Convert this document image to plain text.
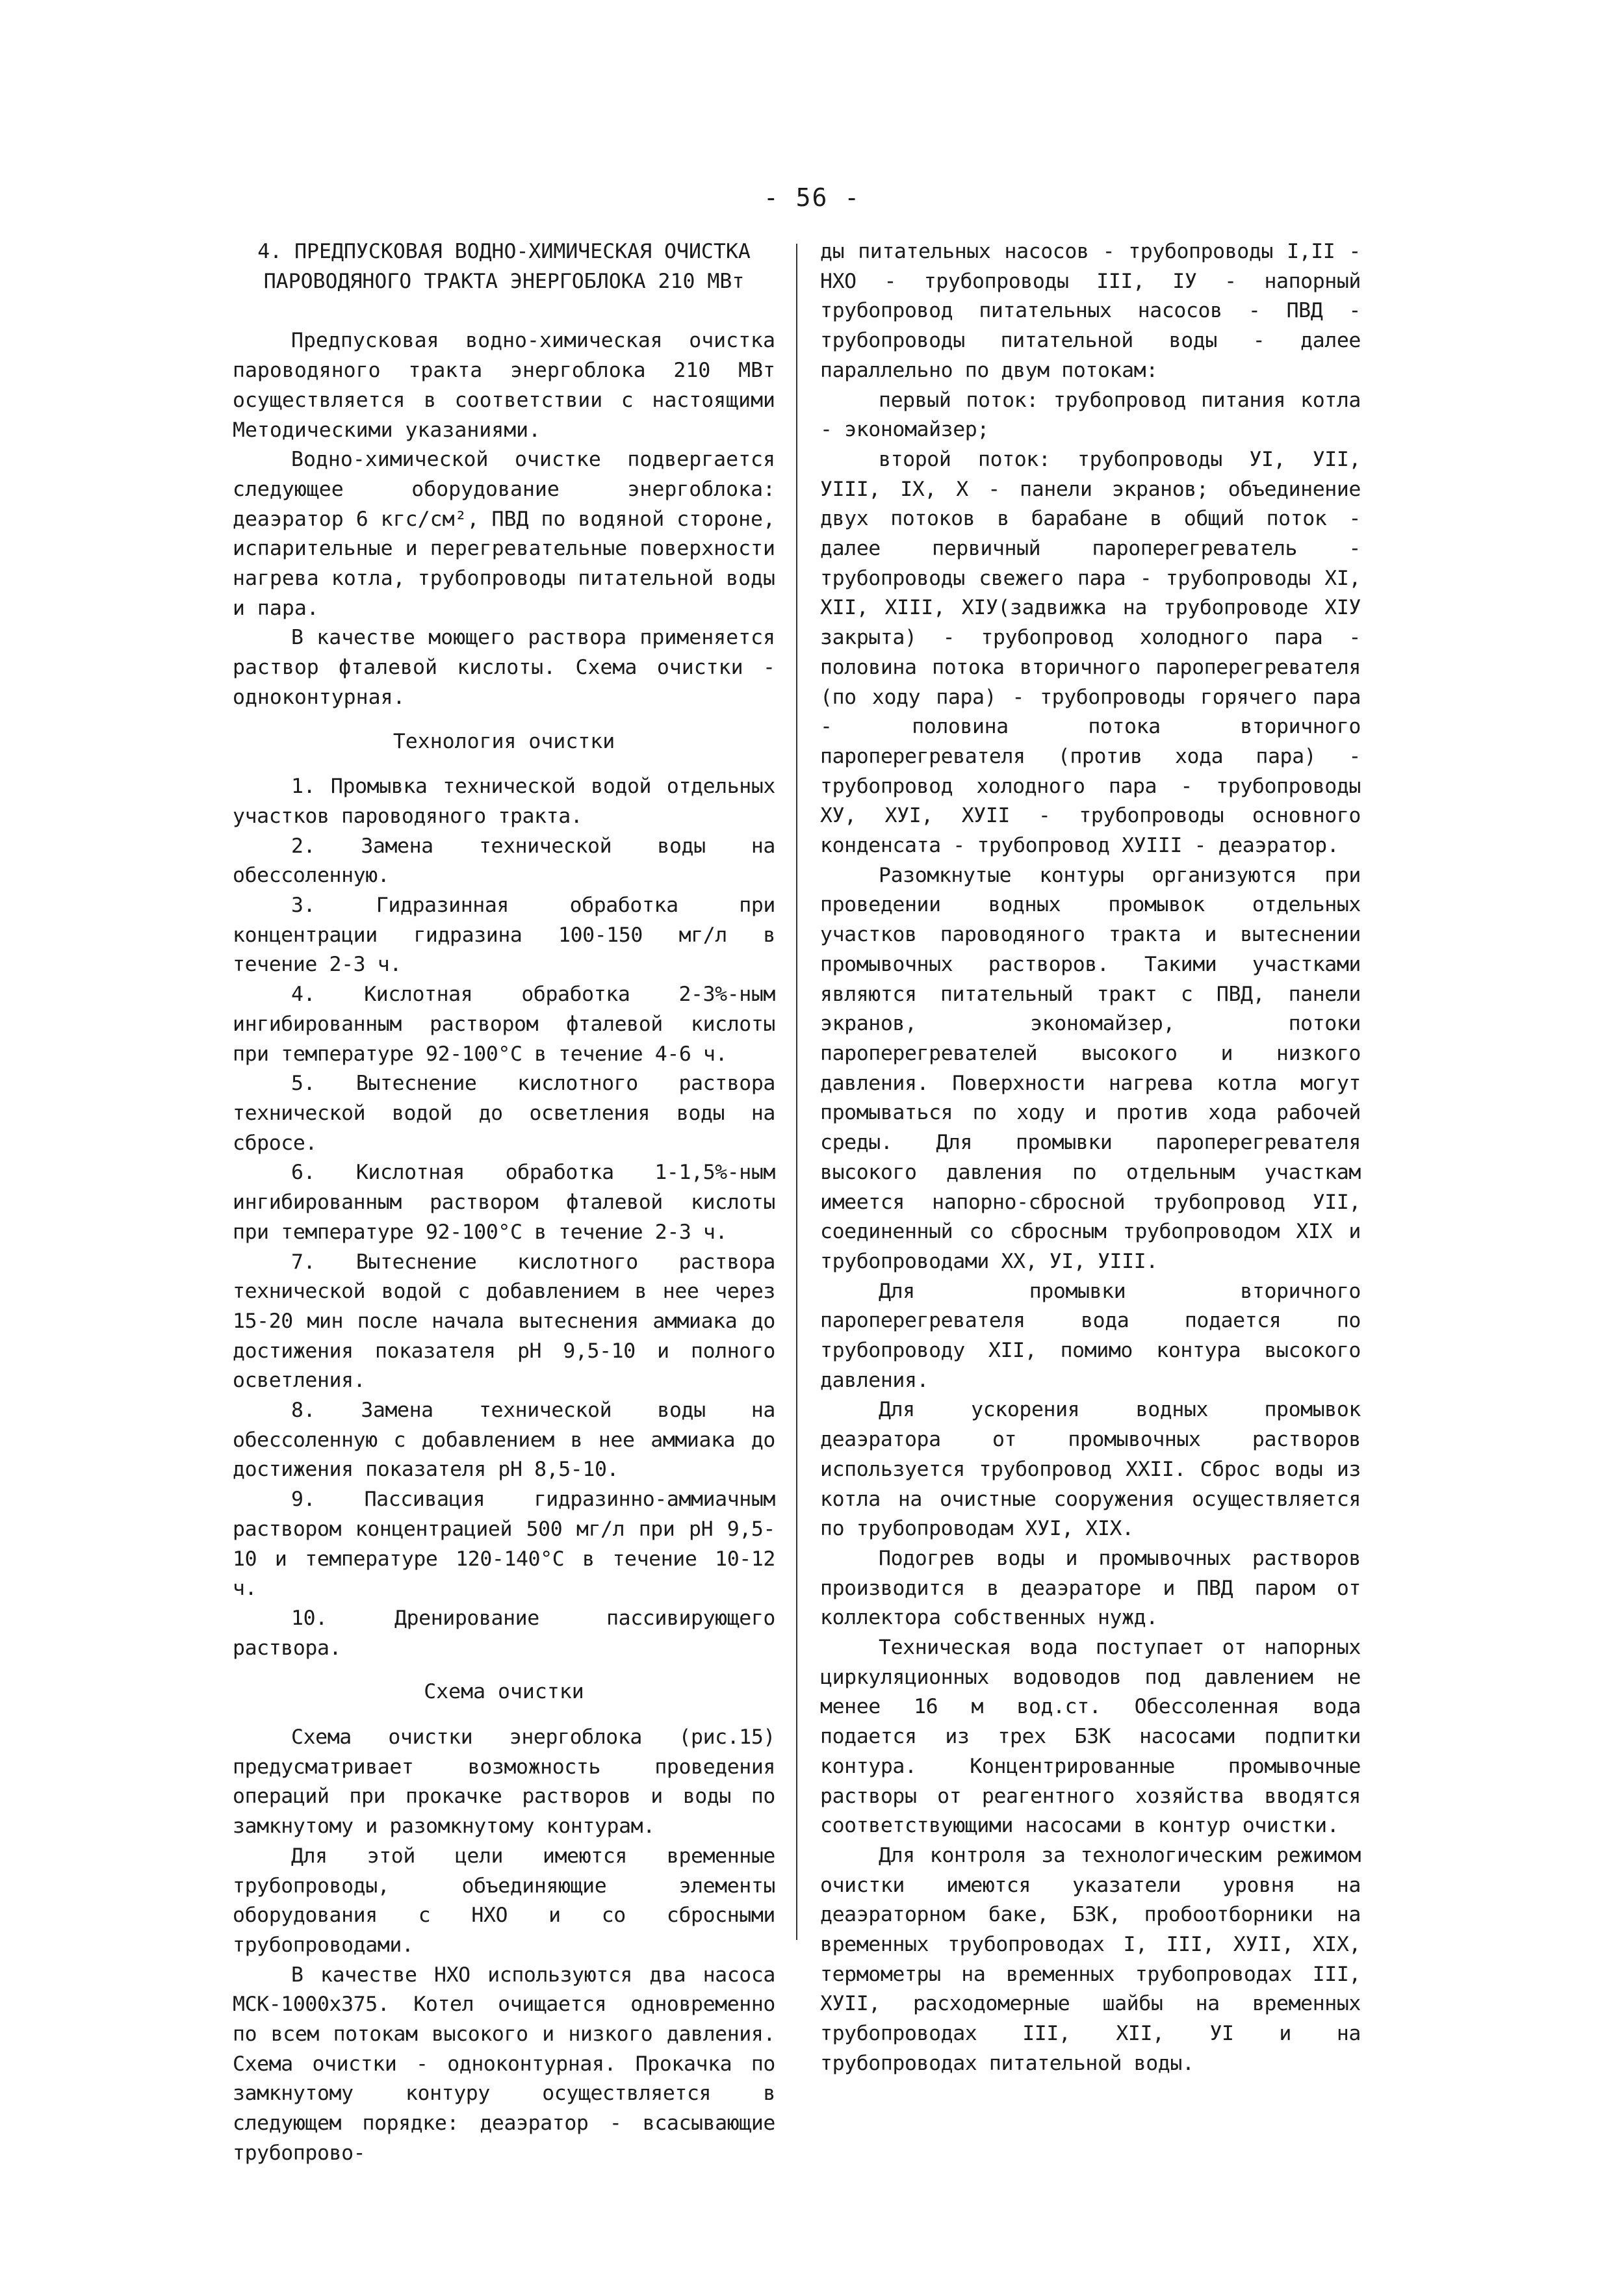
- 56 -
4. ПРЕДПУСКОВАЯ ВОДНО-ХИМИЧЕСКАЯ ОЧИСТКА ПАРОВОДЯНОГО ТРАКТА ЭНЕРГОБЛОКА 210 МВт

Предпусковая водно-химическая очистка пароводяного тракта энергоблока 210 МВт осуществляется в соответствии с настоящими Методическими указаниями.

Водно-химической очистке подвергается следующее оборудование энергоблока: деаэратор 6 кгс/см², ПВД по водяной стороне, испарительные и перегревательные поверхности нагрева котла, трубопроводы питательной воды и пара.

В качестве моющего раствора применяется раствор фталевой кислоты. Схема очистки - одноконтурная.

Технология очистки

1. Промывка технической водой отдельных участков пароводяного тракта.

2. Замена технической воды на обессоленную.

3. Гидразинная обработка при концентрации гидразина 100-150 мг/л в течение 2-3 ч.

4. Кислотная обработка 2-3%-ным ингибированным раствором фталевой кислоты при температуре 92-100°С в течение 4-6 ч.

5. Вытеснение кислотного раствора технической водой до осветления воды на сбросе.

6. Кислотная обработка 1-1,5%-ным ингибированным раствором фталевой кислоты при температуре 92-100°С в течение 2-3 ч.

7. Вытеснение кислотного раствора технической водой с добавлением в нее через 15-20 мин после начала вытеснения аммиака до достижения показателя рН 9,5-10 и полного осветления.

8. Замена технической воды на обессоленную с добавлением в нее аммиака до достижения показателя рН 8,5-10.

9. Пассивация гидразинно-аммиачным раствором концентрацией 500 мг/л при рН 9,5-10 и температуре 120-140°С в течение 10-12 ч.

10. Дренирование пассивирующего раствора.

Схема очистки

Схема очистки энергоблока (рис.15) предусматривает возможность проведения операций при прокачке растворов и воды по замкнутому и разомкнутому контурам.

Для этой цели имеются временные трубопроводы, объединяющие элементы оборудования с НХО и со сбросными трубопроводами.

В качестве НХО используются два насоса МСК-1000х375. Котел очищается одновременно по всем потокам высокого и низкого давления. Схема очистки - одноконтурная. Прокачка по замкнутому контуру осуществляется в следующем порядке: деаэратор - всасывающие трубопрово-

ды питательных насосов - трубопроводы I,II - НХО - трубопроводы III, IУ - напорный трубопровод питательных насосов - ПВД - трубопроводы питательной воды - далее параллельно по двум потокам:

первый поток: трубопровод питания котла - экономайзер;

второй поток: трубопроводы УI, УII, УIII, IX, X - панели экранов; объединение двух потоков в барабане в общий поток - далее первичный пароперегреватель - трубопроводы свежего пара - трубопроводы XI, XII, XIII, XIУ(задвижка на трубопроводе XIУ закрыта) - трубопровод холодного пара - половина потока вторичного пароперегревателя (по ходу пара) - трубопроводы горячего пара - половина потока вторичного пароперегревателя (против хода пара) - трубопровод холодного пара - трубопроводы XУ, XУI, XУII - трубопроводы основного конденсата - трубопровод XУIII - деаэратор.

Разомкнутые контуры организуются при проведении водных промывок отдельных участков пароводяного тракта и вытеснении промывочных растворов. Такими участками являются питательный тракт с ПВД, панели экранов, экономайзер, потоки пароперегревателей высокого и низкого давления. Поверхности нагрева котла могут промываться по ходу и против хода рабочей среды. Для промывки пароперегревателя высокого давления по отдельным участкам имеется напорно-сбросной трубопровод УII, соединенный со сбросным трубопроводом XIX и трубопроводами XX, УI, УIII.

Для промывки вторичного пароперегревателя вода подается по трубопроводу XII, помимо контура высокого давления.

Для ускорения водных промывок деаэратора от промывочных растворов используется трубопровод XXII. Сброс воды из котла на очистные сооружения осуществляется по трубопроводам XУI, XIX.

Подогрев воды и промывочных растворов производится в деаэраторе и ПВД паром от коллектора собственных нужд.

Техническая вода поступает от напорных циркуляционных водоводов под давлением не менее 16 м вод.ст. Обессоленная вода подается из трех БЗК насосами подпитки контура. Концентрированные промывочные растворы от реагентного хозяйства вводятся соответствующими насосами в контур очистки.

Для контроля за технологическим режимом очистки имеются указатели уровня на деаэраторном баке, БЗК, пробоотборники на временных трубопроводах I, III, XУII, XIX, термометры на временных трубопроводах III, XУII, расходомерные шайбы на временных трубопроводах III, XII, УI и на трубопроводах питательной воды.
